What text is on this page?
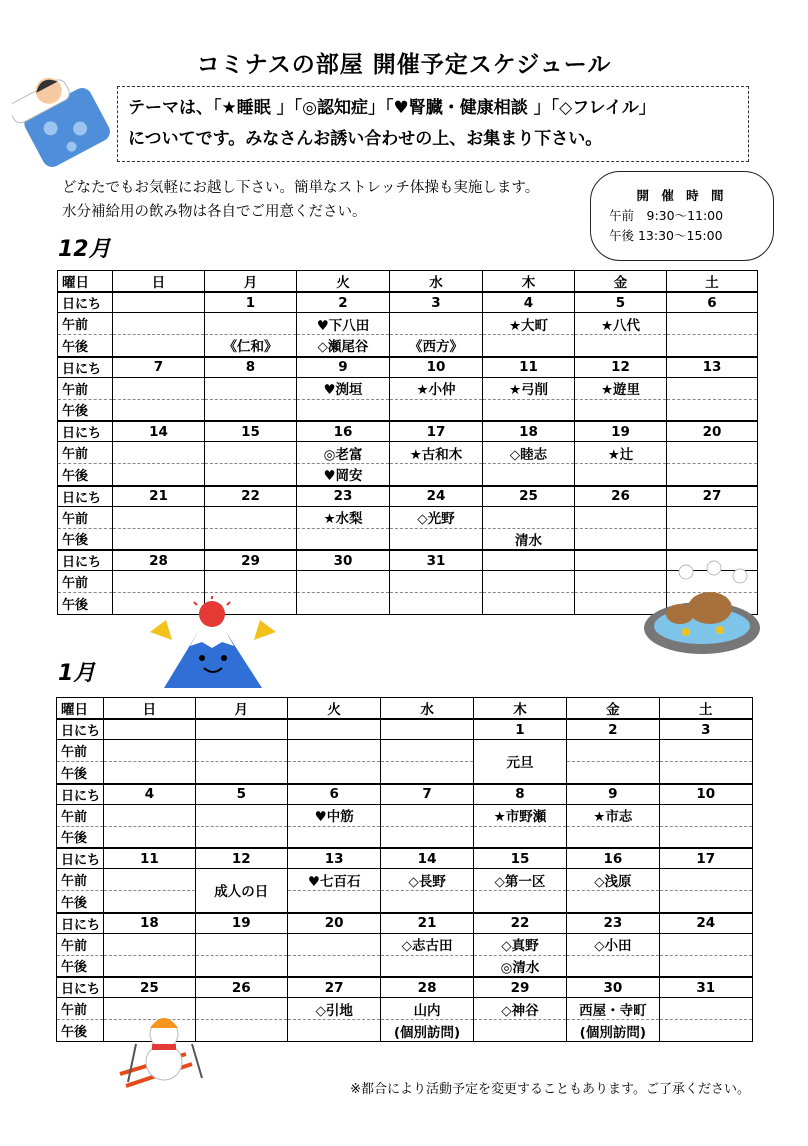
コミナスの部屋 開催予定スケジュール
テーマは、「★睡眠 」「◎認知症」「♥腎臓・健康相談 」「◇フレイル」
についてです。みなさんお誘い合わせの上、お集まり下さい。
どなたでもお気軽にお越し下さい。簡単なストレッチ体操も実施します。
水分補給用の飲み物は各自でご用意ください。
開 催 時 間
午前　9:30～11:00
午後 13:30～15:00
12月
曜日	日	月	火	水	木	金	土
日にち		1	2	3	4	5	6
午前			♥下八田		★大町	★八代	
午後		《仁和》	◇瀬尾谷	《西方》			
日にち	7	8	9	10	11	12	13
午前			♥渕垣	★小仲	★弓削	★遊里	
午後							
日にち	14	15	16	17	18	19	20
午前			◎老富	★古和木	◇睦志	★辻	
午後			♥岡安				
日にち	21	22	23	24	25	26	27
午前			★水梨	◇光野			
午後					清水		
日にち	28	29	30	31			
午前							
午後							
1月
曜日	日	月	火	水	木	金	土
日にち					1	2	3
午前					元旦		
午後							
日にち	4	5	6	7	8	9	10
午前			♥中筋		★市野瀬	★市志	
午後							
日にち	11	12	13	14	15	16	17
午前		成人の日	♥七百石	◇長野	◇第一区	◇浅原	
午後							
日にち	18	19	20	21	22	23	24
午前				◇志古田	◇真野	◇小田	
午後					◎清水		
日にち	25	26	27	28	29	30	31
午前			◇引地	山内	◇神谷	西屋・寺町	
午後				(個別訪問)		(個別訪問)	
※都合により活動予定を変更することもあります。ご了承ください。
